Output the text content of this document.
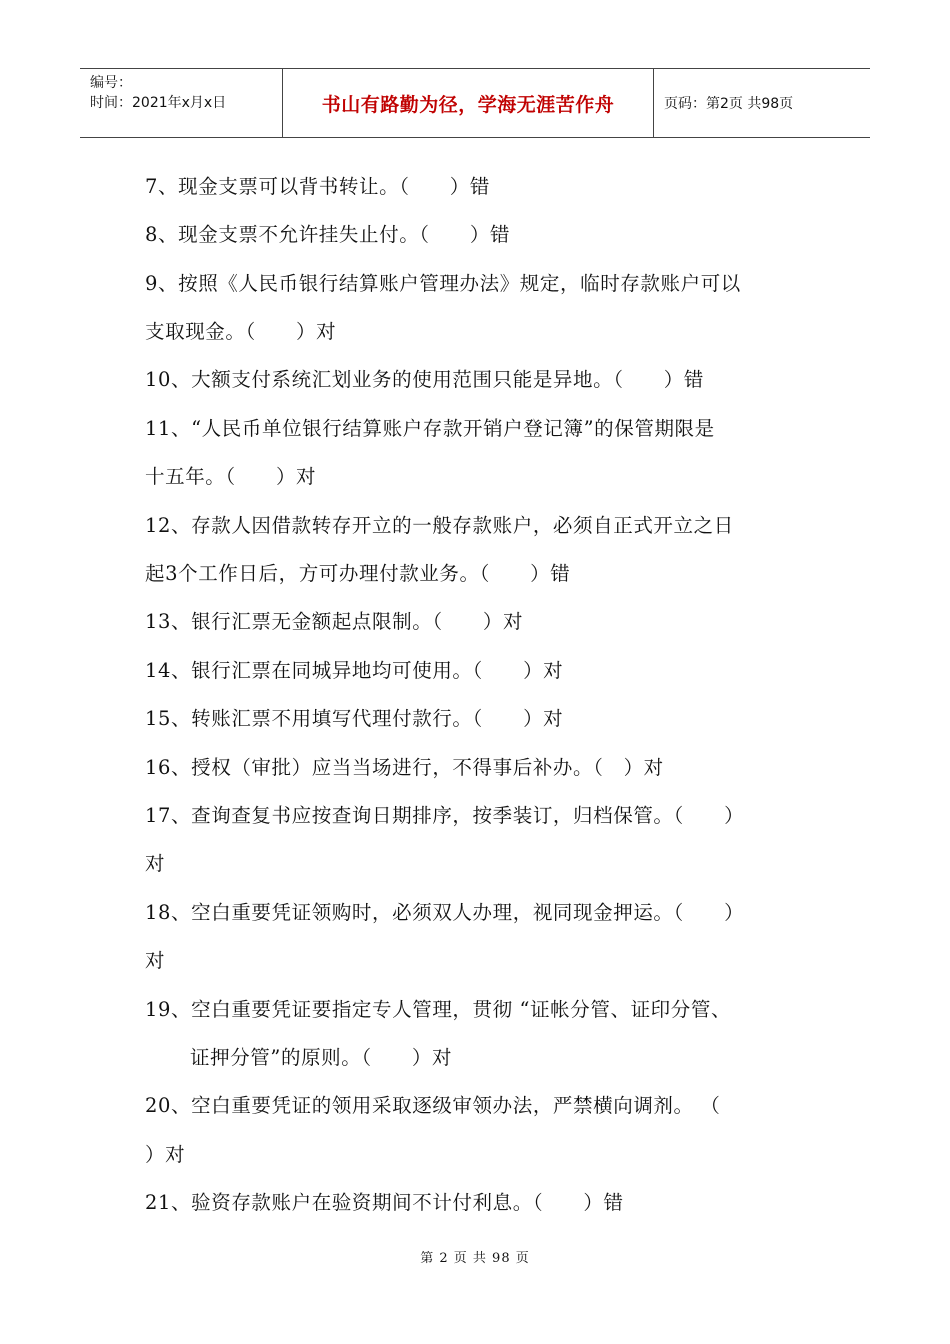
编号：
时间：2021年x月x日	书山有路勤为径，学海无涯苦作舟	页码：第2页 共98页
7、现金支票可以背书转让。（　　）错
8、现金支票不允许挂失止付。（　　）错
9、按照《人民币银行结算账户管理办法》规定，临时存款账户可以
支取现金。（　　）对
10、大额支付系统汇划业务的使用范围只能是异地。（　　）错
11、“人民币单位银行结算账户存款开销户登记簿”的保管期限是
十五年。（　　）对
12、存款人因借款转存开立的一般存款账户，必须自正式开立之日
起3个工作日后，方可办理付款业务。（　　）错
13、银行汇票无金额起点限制。（　　）对
14、银行汇票在同城异地均可使用。（　　）对
15、转账汇票不用填写代理付款行。（　　）对
16、授权（审批）应当当场进行，不得事后补办。（　）对
17、查询查复书应按查询日期排序，按季装订，归档保管。（　　）
对
18、空白重要凭证领购时，必须双人办理，视同现金押运。（　　）
对
19、空白重要凭证要指定专人管理，贯彻 “证帐分管、证印分管、
证押分管”的原则。（　　）对
20、空白重要凭证的领用采取逐级审领办法，严禁横向调剂。 （
）对
21、验资存款账户在验资期间不计付利息。（　　）错
第 2 页 共 98 页
